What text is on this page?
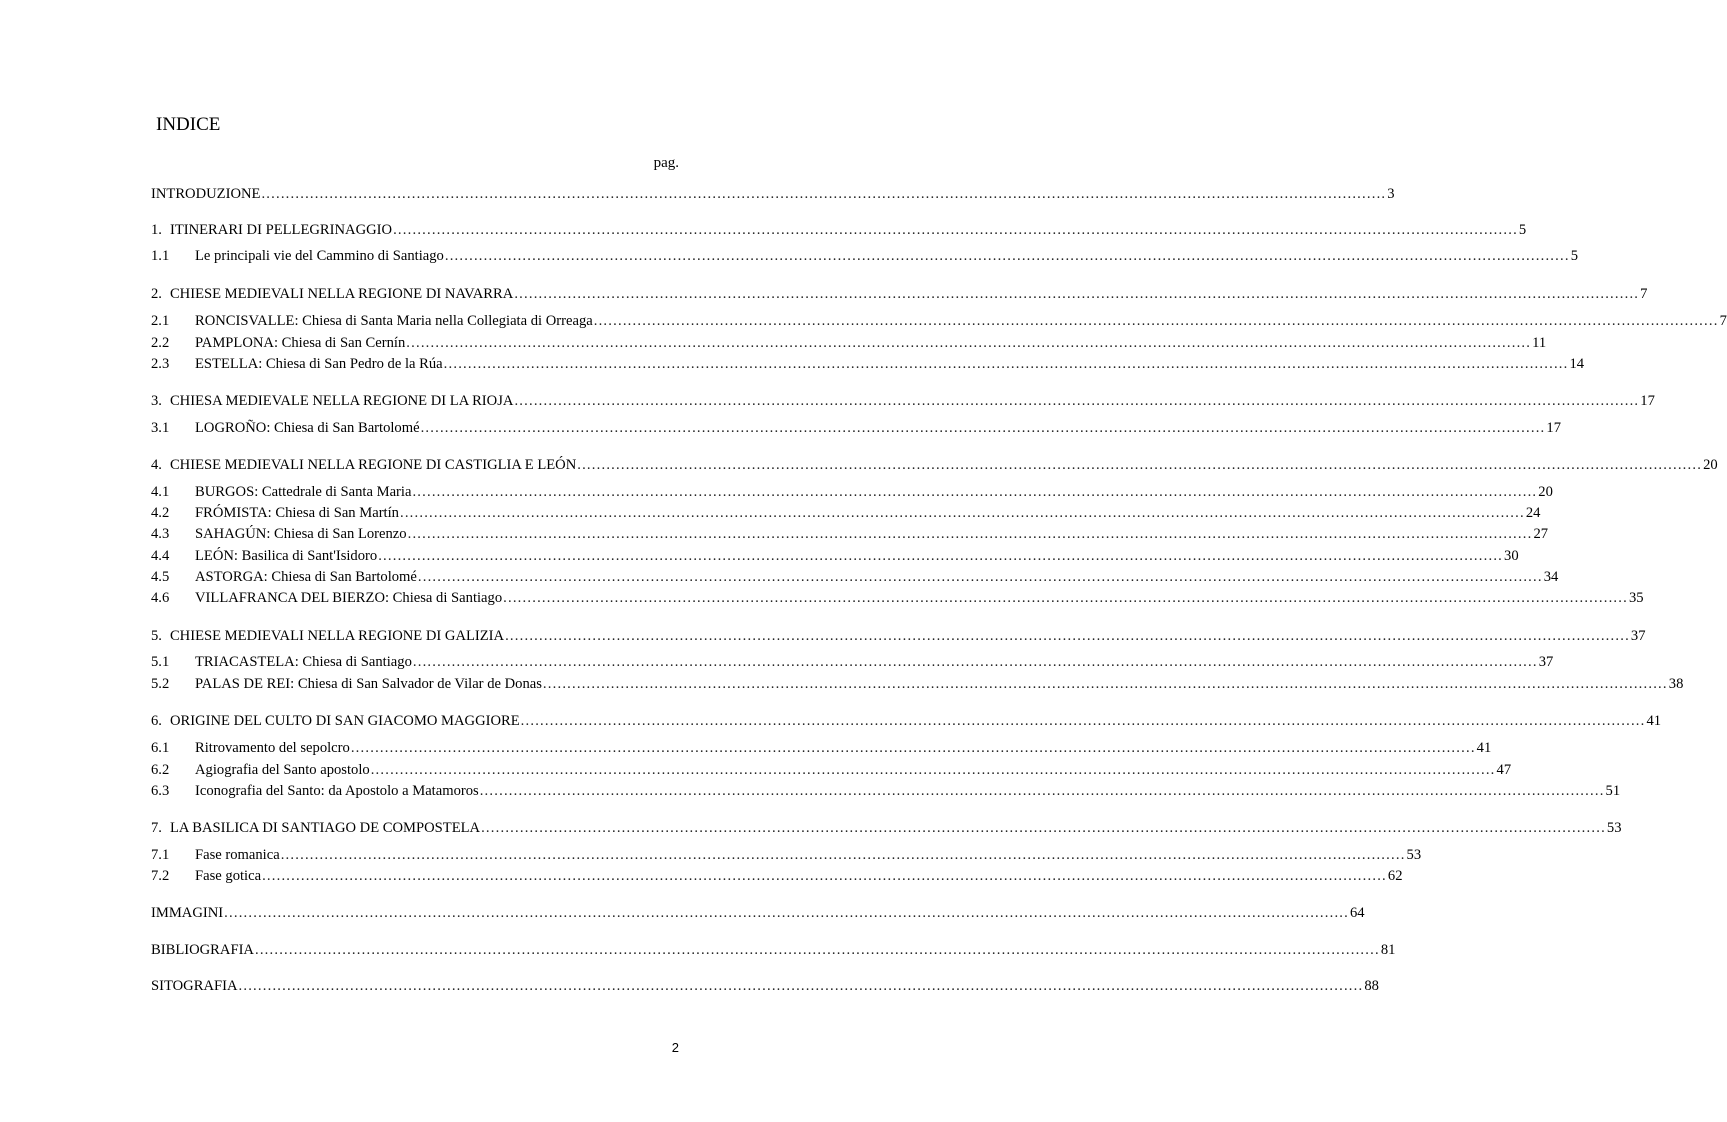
INDICE
pag.
INTRODUZIONE .....	3
1. ITINERARI DI PELLEGRINAGGIO .....	5
1.1	Le principali vie del Cammino di Santiago .....	5
2. CHIESE MEDIEVALI NELLA REGIONE DI NAVARRA .....	7
2.1	RONCISVALLE: Chiesa di Santa Maria nella Collegiata di Orreaga .....	7
2.2	PAMPLONA: Chiesa di San Cernín .....	11
2.3	ESTELLA: Chiesa di San Pedro de la Rúa .....	14
3. CHIESA MEDIEVALE NELLA REGIONE DI LA RIOJA .....	17
3.1	LOGROÑO: Chiesa di San Bartolomé .....	17
4. CHIESE MEDIEVALI NELLA REGIONE DI CASTIGLIA E LEÓN .....	20
4.1	BURGOS: Cattedrale di Santa Maria .....	20
4.2	FRÓMISTA: Chiesa di San Martín .....	24
4.3	SAHAGÚN: Chiesa di San Lorenzo .....	27
4.4	LEÓN: Basilica di Sant'Isidoro .....	30
4.5	ASTORGA: Chiesa di San Bartolomé .....	34
4.6	VILLAFRANCA DEL BIERZO: Chiesa di Santiago .....	35
5. CHIESE MEDIEVALI NELLA REGIONE DI GALIZIA .....	37
5.1	TRIACASTELA: Chiesa di Santiago .....	37
5.2	PALAS DE REI: Chiesa di San Salvador de Vilar de Donas .....	38
6. ORIGINE DEL CULTO DI SAN GIACOMO MAGGIORE .....	41
6.1	Ritrovamento del sepolcro .....	41
6.2	Agiografia del Santo apostolo .....	47
6.3	Iconografia del Santo: da Apostolo a Matamoros .....	51
7. LA BASILICA DI SANTIAGO DE COMPOSTELA .....	53
7.1	Fase romanica .....	53
7.2	Fase gotica .....	62
IMMAGINI .....	64
BIBLIOGRAFIA .....	81
SITOGRAFIA .....	88
2
